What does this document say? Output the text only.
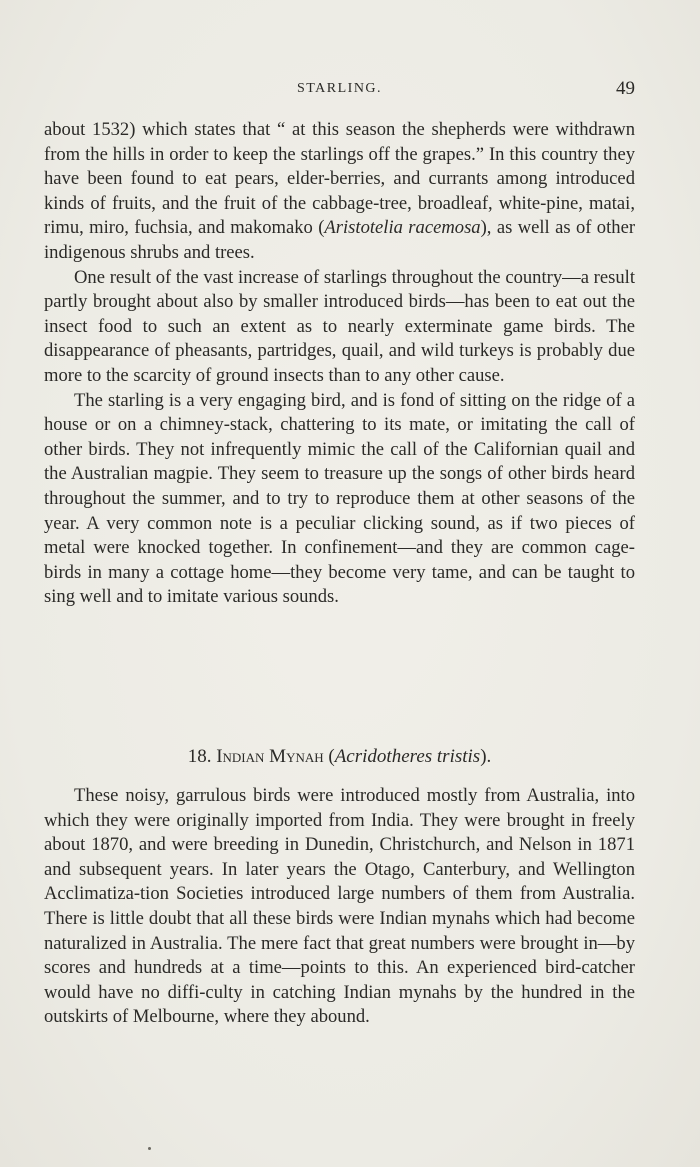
STARLING.	49

about 1532) which states that “ at this season the shepherds were withdrawn from the hills in order to keep the starlings off the grapes.” In this country they have been found to eat pears, elder-berries, and currants among introduced kinds of fruits, and the fruit of the cabbage-tree, broadleaf, white-pine, matai, rimu, miro, fuchsia, and makomako (Aristotelia racemosa), as well as of other indigenous shrubs and trees.

One result of the vast increase of starlings throughout the country—a result partly brought about also by smaller introduced birds—has been to eat out the insect food to such an extent as to nearly exterminate game birds. The disappearance of pheasants, partridges, quail, and wild turkeys is probably due more to the scarcity of ground insects than to any other cause.

The starling is a very engaging bird, and is fond of sitting on the ridge of a house or on a chimney-stack, chattering to its mate, or imitating the call of other birds. They not infrequently mimic the call of the Californian quail and the Australian magpie. They seem to treasure up the songs of other birds heard throughout the summer, and to try to reproduce them at other seasons of the year. A very common note is a peculiar clicking sound, as if two pieces of metal were knocked together. In confinement—and they are common cage-birds in many a cottage home—they become very tame, and can be taught to sing well and to imitate various sounds.

18. Indian Mynah (Acridotheres tristis).

These noisy, garrulous birds were introduced mostly from Australia, into which they were originally imported from India. They were brought in freely about 1870, and were breeding in Dunedin, Christchurch, and Nelson in 1871 and subsequent years. In later years the Otago, Canterbury, and Wellington Acclimatiza-tion Societies introduced large numbers of them from Australia. There is little doubt that all these birds were Indian mynahs which had become naturalized in Australia. The mere fact that great numbers were brought in—by scores and hundreds at a time—points to this. An experienced bird-catcher would have no diffi-culty in catching Indian mynahs by the hundred in the outskirts of Melbourne, where they abound.
